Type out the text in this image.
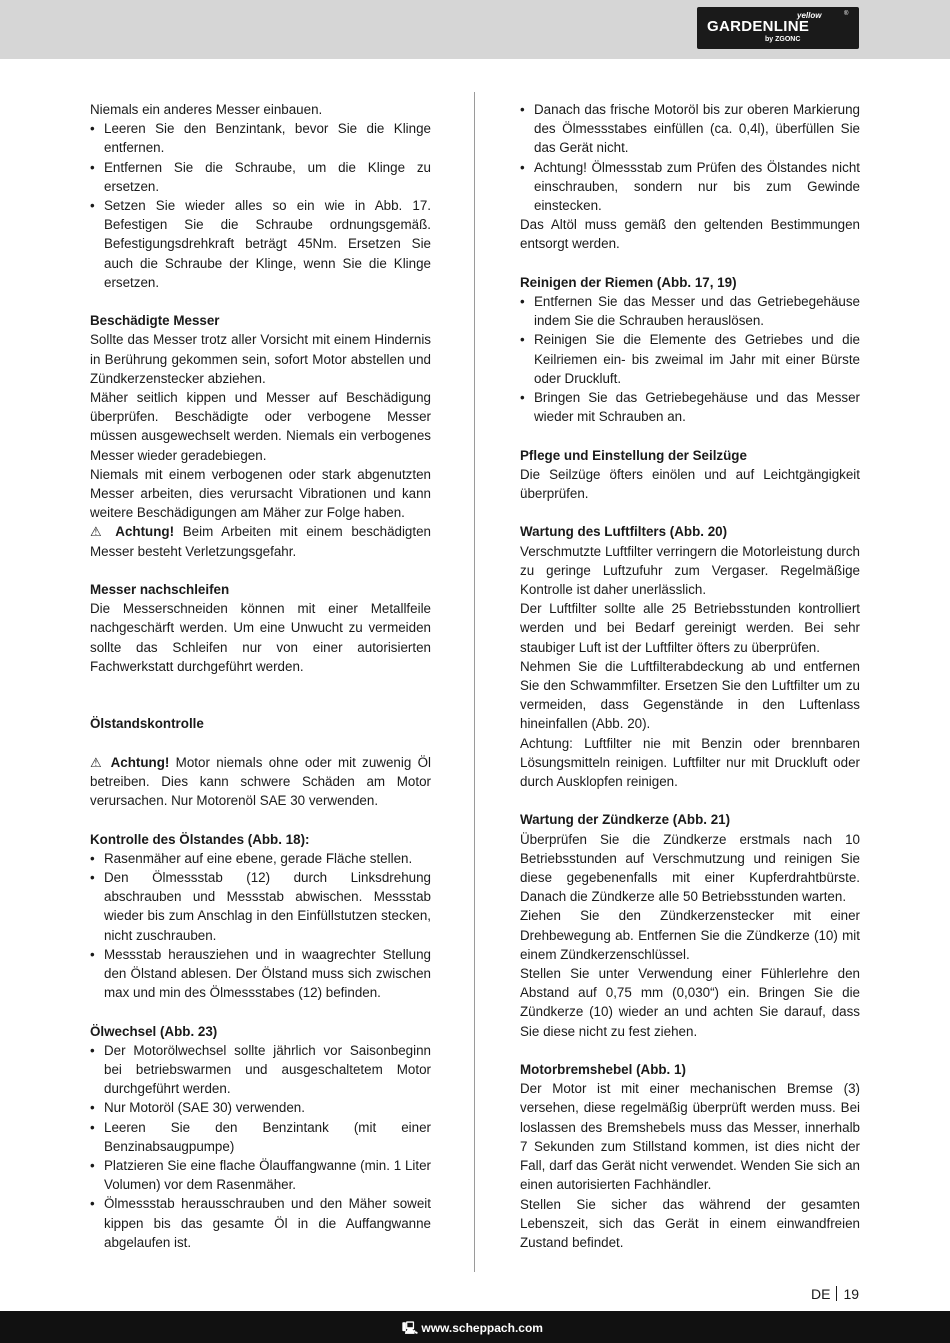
yellow	®
GARDENLINE
by ZGONC

Niemals ein anderes Messer einbauen.

• Leeren Sie den Benzintank, bevor Sie die Klinge entfernen.
• Entfernen Sie die Schraube, um die Klinge zu ersetzen.
• Setzen Sie wieder alles so ein wie in Abb. 17. Befestigen Sie die Schraube ordnungsgemäß. Befestigungsdrehkraft beträgt 45Nm. Ersetzen Sie auch die Schraube der Klinge, wenn Sie die Klinge ersetzen.

Beschädigte Messer

Sollte das Messer trotz aller Vorsicht mit einem Hindernis in Berührung gekommen sein, sofort Motor abstellen und Zündkerzenstecker abziehen.

Mäher seitlich kippen und Messer auf Beschädigung überprüfen. Beschädigte oder verbogene Messer müssen ausgewechselt werden. Niemals ein verbogenes Messer wieder geradebiegen.

Niemals mit einem verbogenen oder stark abgenutzten Messer arbeiten, dies verursacht Vibrationen und kann weitere Beschädigungen am Mäher zur Folge haben.

⚠ Achtung! Beim Arbeiten mit einem beschädigten Messer besteht Verletzungsgefahr.

Messer nachschleifen

Die Messerschneiden können mit einer Metallfeile nachgeschärft werden. Um eine Unwucht zu vermeiden sollte das Schleifen nur von einer autorisierten Fachwerkstatt durchgeführt werden.

Ölstandskontrolle

⚠ Achtung! Motor niemals ohne oder mit zuwenig Öl betreiben. Dies kann schwere Schäden am Motor verursachen. Nur Motorenöl SAE 30 verwenden.

Kontrolle des Ölstandes (Abb. 18):

• Rasenmäher auf eine ebene, gerade Fläche stellen.
• Den Ölmessstab (12) durch Linksdrehung abschrauben und Messstab abwischen. Messstab wieder bis zum Anschlag in den Einfüllstutzen stecken, nicht zuschrauben.
• Messstab herausziehen und in waagrechter Stellung den Ölstand ablesen. Der Ölstand muss sich zwischen max und min des Ölmessstabes (12) befinden.

Ölwechsel (Abb. 23)

• Der Motorölwechsel sollte jährlich vor Saisonbeginn bei betriebswarmen und ausgeschaltetem Motor durchgeführt werden.
• Nur Motoröl (SAE 30) verwenden.
• Leeren Sie den Benzintank (mit einer Benzinabsaugpumpe)
• Platzieren Sie eine flache Ölauffangwanne (min. 1 Liter Volumen) vor dem Rasenmäher.
• Ölmessstab herausschrauben und den Mäher soweit kippen bis das gesamte Öl in die Auffangwanne abgelaufen ist.
• Danach das frische Motoröl bis zur oberen Markierung des Ölmessstabes einfüllen (ca. 0,4l), überfüllen Sie das Gerät nicht.
• Achtung! Ölmessstab zum Prüfen des Ölstandes nicht einschrauben, sondern nur bis zum Gewinde einstecken.

Das Altöl muss gemäß den geltenden Bestimmungen entsorgt werden.

Reinigen der Riemen (Abb. 17, 19)

• Entfernen Sie das Messer und das Getriebegehäuse indem Sie die Schrauben herauslösen.
• Reinigen Sie die Elemente des Getriebes und die Keilriemen ein- bis zweimal im Jahr mit einer Bürste oder Druckluft.
• Bringen Sie das Getriebegehäuse und das Messer wieder mit Schrauben an.

Pflege und Einstellung der Seilzüge

Die Seilzüge öfters einölen und auf Leichtgängigkeit überprüfen.

Wartung des Luftfilters (Abb. 20)

Verschmutzte Luftfilter verringern die Motorleistung durch zu geringe Luftzufuhr zum Vergaser. Regelmäßige Kontrolle ist daher unerlässlich.

Der Luftfilter sollte alle 25 Betriebsstunden kontrolliert werden und bei Bedarf gereinigt werden. Bei sehr staubiger Luft ist der Luftfilter öfters zu überprüfen.

Nehmen Sie die Luftfilterabdeckung ab und entfernen Sie den Schwammfilter. Ersetzen Sie den Luftfilter um zu vermeiden, dass Gegenstände in den Luftenlass hineinfallen (Abb. 20).

Achtung: Luftfilter nie mit Benzin oder brennbaren Lösungsmitteln reinigen. Luftfilter nur mit Druckluft oder durch Ausklopfen reinigen.

Wartung der Zündkerze (Abb. 21)

Überprüfen Sie die Zündkerze erstmals nach 10 Betriebsstunden auf Verschmutzung und reinigen Sie diese gegebenenfalls mit einer Kupferdrahtbürste. Danach die Zündkerze alle 50 Betriebsstunden warten.

Ziehen Sie den Zündkerzenstecker mit einer Drehbewegung ab. Entfernen Sie die Zündkerze (10) mit einem Zündkerzenschlüssel.

Stellen Sie unter Verwendung einer Fühlerlehre den Abstand auf 0,75 mm (0,030“) ein. Bringen Sie die Zündkerze (10) wieder an und achten Sie darauf, dass Sie diese nicht zu fest ziehen.

Motorbremshebel (Abb. 1)

Der Motor ist mit einer mechanischen Bremse (3) versehen, diese regelmäßig überprüft werden muss. Bei loslassen des Bremshebels muss das Messer, innerhalb 7 Sekunden zum Stillstand kommen, ist dies nicht der Fall, darf das Gerät nicht verwendet. Wenden Sie sich an einen autorisierten Fachhändler.

Stellen Sie sicher das während der gesamten Lebenszeit, sich das Gerät in einem einwandfreien Zustand befindet.

DE 19
🖳 www.scheppach.com
